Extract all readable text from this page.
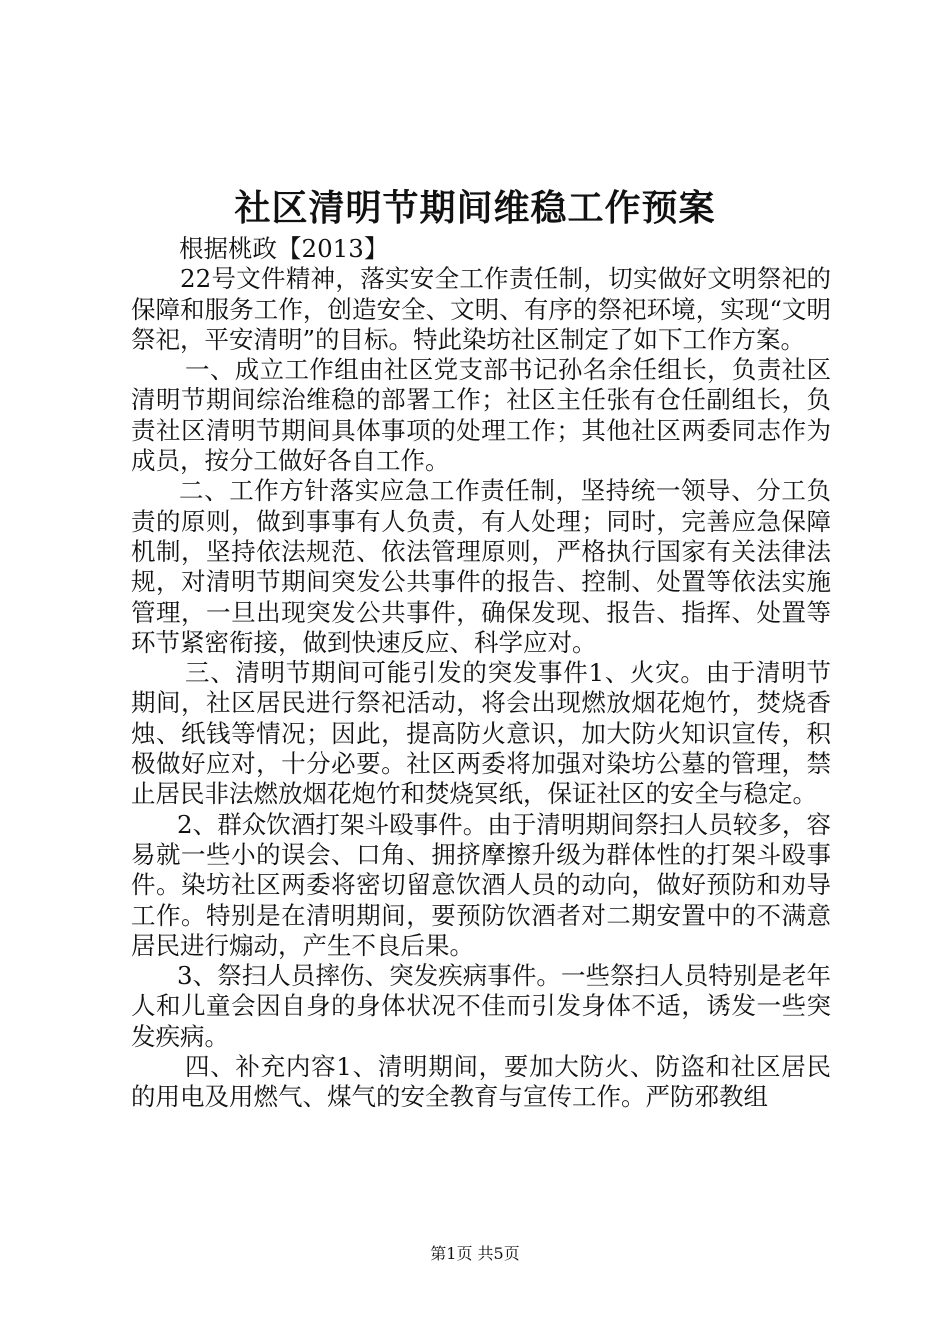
社区清明节期间维稳工作预案

根据桃政【2013】

22号文件精神，落实安全工作责任制，切实做好文明祭祀的保障和服务工作，创造安全、文明、有序的祭祀环境，实现“文明祭祀，平安清明”的目标。特此染坊社区制定了如下工作方案。

一、成立工作组由社区党支部书记孙名余任组长，负责社区清明节期间综治维稳的部署工作；社区主任张有仓任副组长，负责社区清明节期间具体事项的处理工作；其他社区两委同志作为成员，按分工做好各自工作。

二、工作方针落实应急工作责任制，坚持统一领导、分工负责的原则，做到事事有人负责，有人处理；同时，完善应急保障机制，坚持依法规范、依法管理原则，严格执行国家有关法律法规，对清明节期间突发公共事件的报告、控制、处置等依法实施管理，一旦出现突发公共事件，确保发现、报告、指挥、处置等环节紧密衔接，做到快速反应、科学应对。

三、清明节期间可能引发的突发事件1、火灾。由于清明节期间，社区居民进行祭祀活动，将会出现燃放烟花炮竹，焚烧香烛、纸钱等情况；因此，提高防火意识，加大防火知识宣传，积极做好应对，十分必要。社区两委将加强对染坊公墓的管理，禁止居民非法燃放烟花炮竹和焚烧冥纸，保证社区的安全与稳定。

2、群众饮酒打架斗殴事件。由于清明期间祭扫人员较多，容易就一些小的误会、口角、拥挤摩擦升级为群体性的打架斗殴事件。染坊社区两委将密切留意饮酒人员的动向，做好预防和劝导工作。特别是在清明期间，要预防饮酒者对二期安置中的不满意居民进行煽动，产生不良后果。

3、祭扫人员摔伤、突发疾病事件。一些祭扫人员特别是老年人和儿童会因自身的身体状况不佳而引发身体不适，诱发一些突发疾病。

四、补充内容1、清明期间，要加大防火、防盗和社区居民的用电及用燃气、煤气的安全教育与宣传工作。严防邪教组

第1页 共5页
